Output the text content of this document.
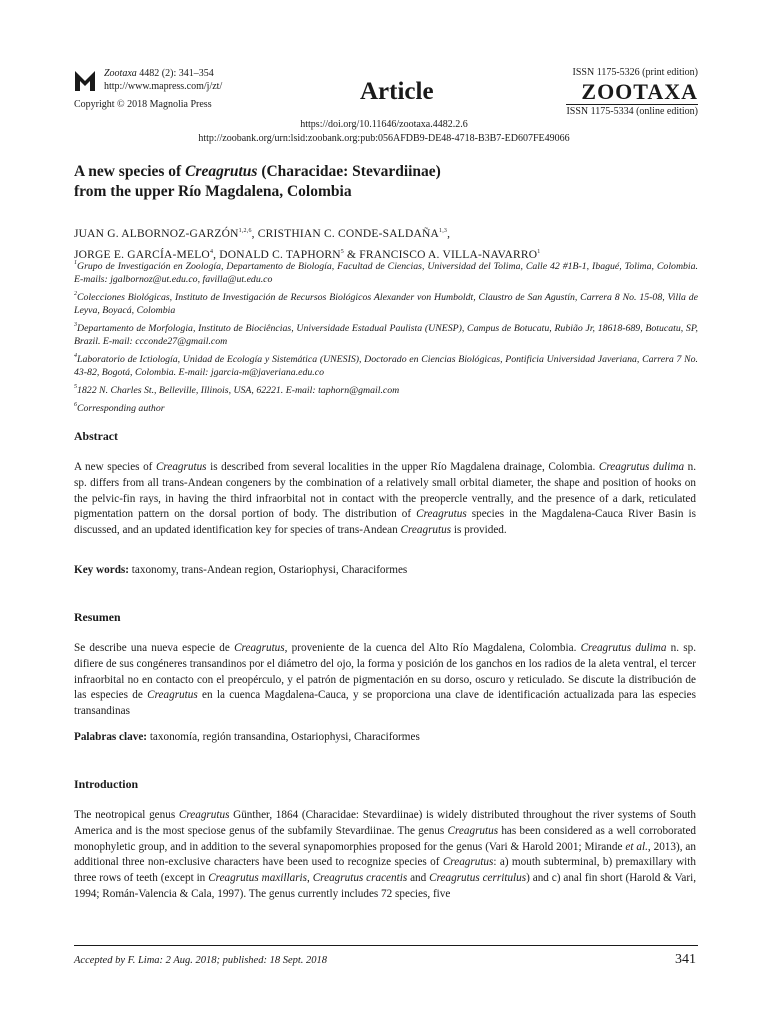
Zootaxa 4482 (2): 341–354
http://www.mapress.com/j/zt/
Copyright © 2018 Magnolia Press	Article
ISSN 1175-5326 (print edition)
ZOOTAXA
ISSN 1175-5334 (online edition)
https://doi.org/10.11646/zootaxa.4482.2.6
http://zoobank.org/urn:lsid:zoobank.org:pub:056AFDB9-DE48-4718-B3B7-ED607FE49066
A new species of Creagrutus (Characidae: Stevardiinae)
from the upper Río Magdalena, Colombia
JUAN G. ALBORNOZ-GARZÓN$^{1,2,6}$, CRISTHIAN C. CONDE-SALDAÑA$^{1,3}$,
JORGE E. GARCÍA-MELO$^4$, DONALD C. TAPHORN$^5$ & FRANCISCO A. VILLA-NAVARRO$^1$
$^1$Grupo de Investigación en Zoología, Departamento de Biología, Facultad de Ciencias, Universidad del Tolima, Calle 42 #1B-1, Ibagué, Tolima, Colombia. E-mails: jgalbornoz@ut.edu.co, favilla@ut.edu.co
$^2$Colecciones Biológicas, Instituto de Investigación de Recursos Biológicos Alexander von Humboldt, Claustro de San Agustín, Carrera 8 No. 15-08, Villa de Leyva, Boyacá, Colombia
$^3$Departamento de Morfologia, Instituto de Biociências, Universidade Estadual Paulista (UNESP), Campus de Botucatu, Rubião Jr, 18618-689, Botucatu, SP, Brazil. E-mail: ccconde27@gmail.com
$^4$Laboratorio de Ictiología, Unidad de Ecología y Sistemática (UNESIS), Doctorado en Ciencias Biológicas, Pontificia Universidad Javeriana, Carrera 7 No. 43-82, Bogotá, Colombia. E-mail: jgarcia-m@javeriana.edu.co
$^5$1822 N. Charles St., Belleville, Illinois, USA, 62221. E-mail: taphorn@gmail.com
$^6$Corresponding author
Abstract
A new species of Creagrutus is described from several localities in the upper Río Magdalena drainage, Colombia. Creagrutus dulima n. sp. differs from all trans-Andean congeners by the combination of a relatively small orbital diameter, the shape and position of hooks on the pelvic-fin rays, in having the third infraorbital not in contact with the preopercle ventrally, and the presence of a dark, reticulated pigmentation pattern on the dorsal portion of body. The distribution of Creagrutus species in the Magdalena-Cauca River Basin is discussed, and an updated identification key for species of trans-Andean Creagrutus is provided.
Key words: taxonomy, trans-Andean region, Ostariophysi, Characiformes
Resumen
Se describe una nueva especie de Creagrutus, proveniente de la cuenca del Alto Río Magdalena, Colombia. Creagrutus dulima n. sp. difiere de sus congéneres transandinos por el diámetro del ojo, la forma y posición de los ganchos en los radios de la aleta ventral, el tercer infraorbital no en contacto con el preopérculo, y el patrón de pigmentación en su dorso, oscuro y reticulado. Se discute la distribución de las especies de Creagrutus en la cuenca Magdalena-Cauca, y se proporciona una clave de identificación actualizada para las especies transandinas
Palabras clave: taxonomía, región transandina, Ostariophysi, Characiformes
Introduction
The neotropical genus Creagrutus Günther, 1864 (Characidae: Stevardiinae) is widely distributed throughout the river systems of South America and is the most speciose genus of the subfamily Stevardiinae. The genus Creagrutus has been considered as a well corroborated monophyletic group, and in addition to the several synapomorphies proposed for the genus (Vari & Harold 2001; Mirande et al., 2013), an additional three non-exclusive characters have been used to recognize species of Creagrutus: a) mouth subterminal, b) premaxillary with three rows of teeth (except in Creagrutus maxillaris, Creagrutus cracentis and Creagrutus cerritulus) and c) anal fin short (Harold & Vari, 1994; Román-Valencia & Cala, 1997). The genus currently includes 72 species, five
Accepted by F. Lima: 2 Aug. 2018; published: 18 Sept. 2018	341
